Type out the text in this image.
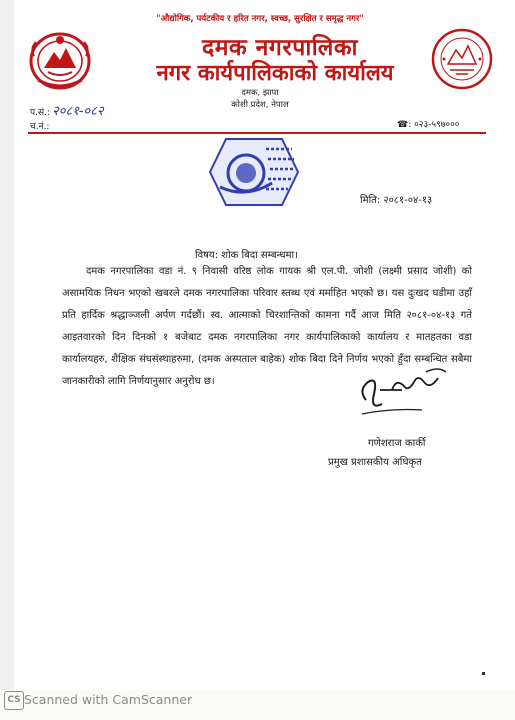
"औद्योगिक, पर्यटकीय र हरित नगर, स्वच्छ, सुरक्षित र समृद्ध नगर"
दमक नगरपालिका
नगर कार्यपालिकाको कार्यालय
दमक, झापा
कोशी प्रदेश, नेपाल
प.सं.: २०८१-०८२
च.नं.:	☎: ०२३-५९७०००
मिति: २०८१-०४-१३
विषय: शोक बिदा सम्बन्धमा।

दमक नगरपालिका वडा नं. ९ निवासी वरिष्ठ लोक गायक श्री एल.पी. जोशी (लक्ष्मी प्रसाद जोशी) को असामयिक निधन भएको खबरले दमक नगरपालिका परिवार स्तब्ध एवं मर्माहित भएको छ। यस दुःखद घडीमा उहाँ प्रति हार्दिक श्रद्धाञ्जली अर्पण गर्दछौं। स्व. आत्माको चिरशान्तिको कामना गर्दै आज मिति २०८१-०४-१३ गते आइतवारको दिन दिनको १ बजेबाट दमक नगरपालिका नगर कार्यपालिकाको कार्यालय र मातहतका वडा कार्यालयहरु, शैक्षिक संघसंस्थाहरुमा, (दमक अस्पताल बाहेक) शोक बिदा दिने निर्णय भएको हुँदा सम्बन्धित सबैमा जानकारीको लागि निर्णयानुसार अनुरोध छ।

गणेशराज कार्की
प्रमुख प्रशासकीय अधिकृत
CS Scanned with CamScanner
